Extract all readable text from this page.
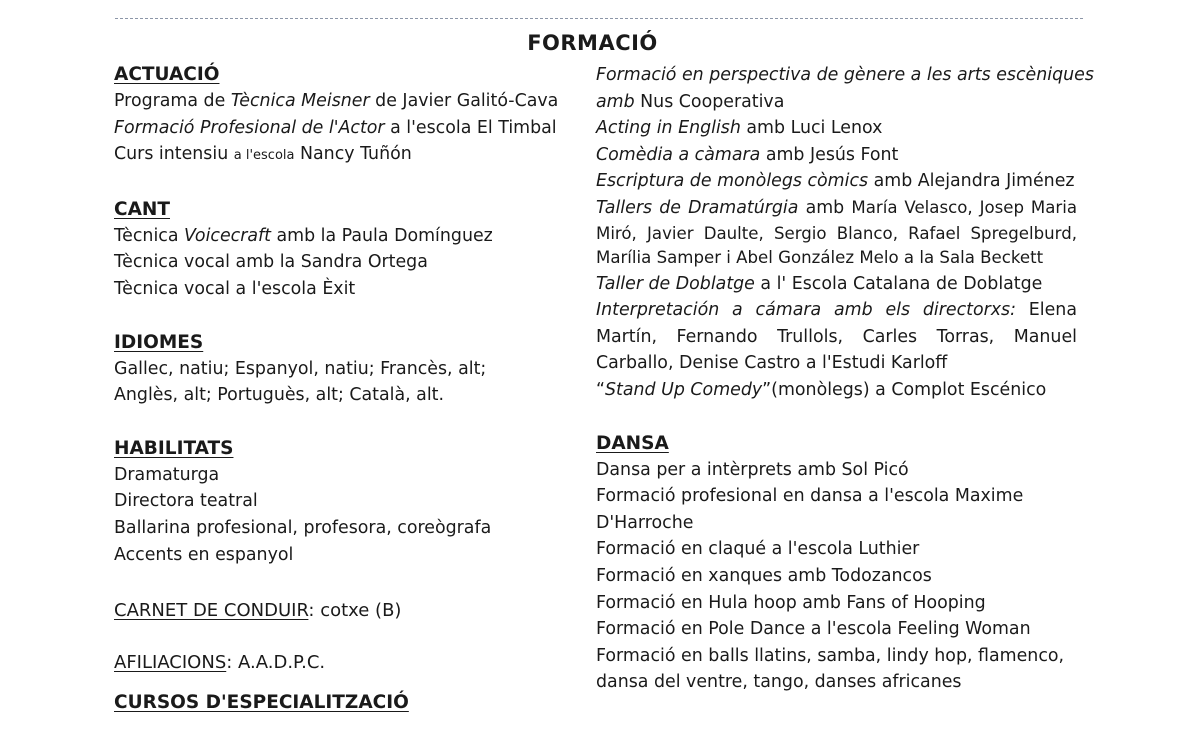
FORMACIÓ
ACTUACIÓ
Programa de Tècnica Meisner de Javier Galitó-Cava
Formació Profesional de l'Actor a l'escola El Timbal
Curs intensiu a l'escola Nancy Tuñón
CANT
Tècnica Voicecraft amb la Paula Domínguez
Tècnica vocal amb la Sandra Ortega
Tècnica vocal a l'escola Èxit
IDIOMES
Gallec, natiu; Espanyol, natiu; Francès, alt;
Anglès, alt; Portuguès, alt; Català, alt.
HABILITATS
Dramaturga
Directora teatral
Ballarina profesional, profesora, coreògrafa
Accents en espanyol
CARNET DE CONDUIR: cotxe (B)
AFILIACIONS: A.A.D.P.C.
CURSOS D'ESPECIALITZACIÓ
Formació en perspectiva de gènere a les arts escèniques
amb Nus Cooperativa
Acting in English amb Luci Lenox
Comèdia a càmara amb Jesús Font
Escriptura de monòlegs còmics amb Alejandra Jiménez
Tallers de Dramatúrgia amb María Velasco, Josep Maria
Miró, Javier Daulte, Sergio Blanco, Rafael Spregelburd,
Marília Samper i Abel González Melo a la Sala Beckett
Taller de Doblatge a l' Escola Catalana de Doblatge
Interpretación a cámara amb els directorxs: Elena
Martín, Fernando Trullols, Carles Torras, Manuel
Carballo, Denise Castro a l'Estudi Karloff
“Stand Up Comedy”(monòlegs) a Complot Escénico
DANSA
Dansa per a intèrprets amb Sol Picó
Formació profesional en dansa a l'escola Maxime
D'Harroche
Formació en claqué a l'escola Luthier
Formació en xanques amb Todozancos
Formació en Hula hoop amb Fans of Hooping
Formació en Pole Dance a l'escola Feeling Woman
Formació en balls llatins, samba, lindy hop, flamenco,
dansa del ventre, tango, danses africanes
